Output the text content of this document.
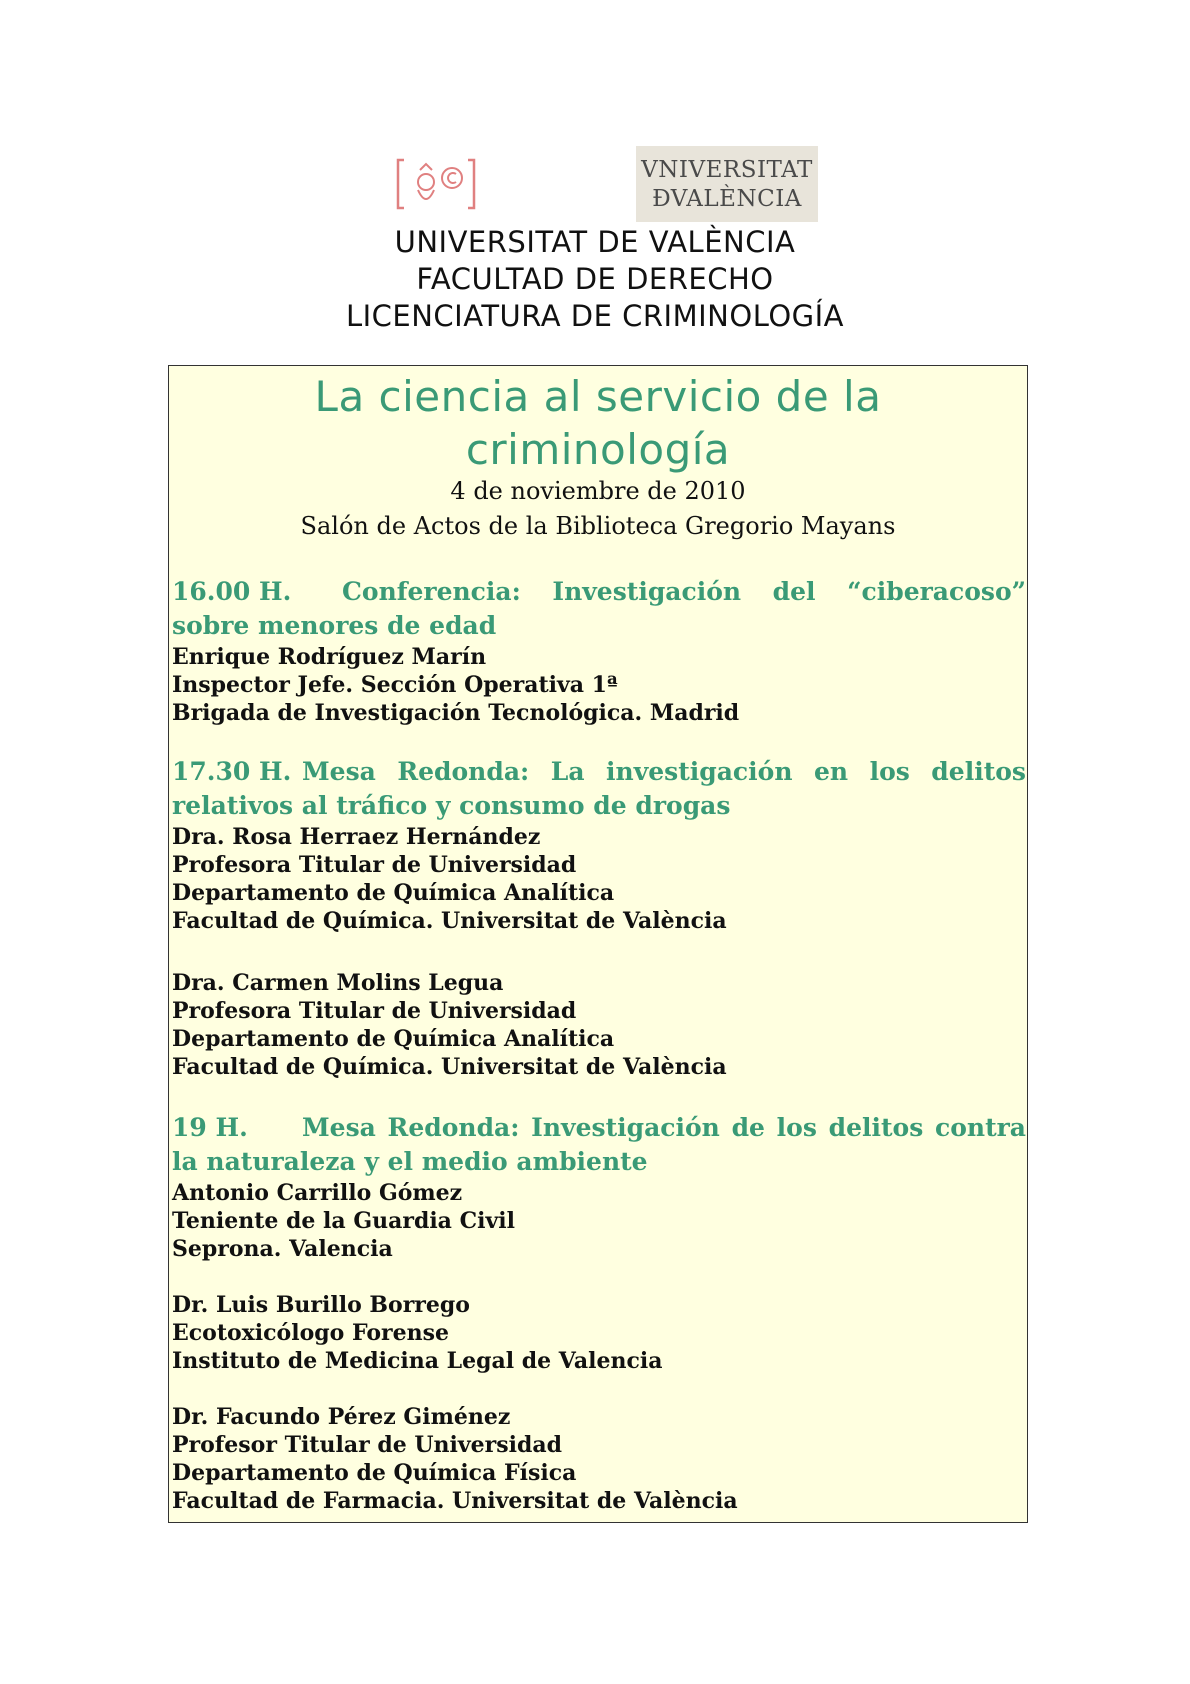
VNIVERSITAT
ÐVALÈNCIA
UNIVERSITAT DE VALÈNCIA
FACULTAD DE DERECHO
LICENCIATURA DE CRIMINOLOGÍA
La ciencia al servicio de la
criminología
4 de noviembre de 2010
Salón de Actos de la Biblioteca Gregorio Mayans
16.00 H. Conferencia: Investigación del “ciberacoso” sobre menores de edad
Enrique Rodríguez Marín
Inspector Jefe. Sección Operativa 1ª
Brigada de Investigación Tecnológica. Madrid
17.30 H. Mesa Redonda: La investigación en los delitos relativos al tráfico y consumo de drogas
Dra. Rosa Herraez Hernández
Profesora Titular de Universidad
Departamento de Química Analítica
Facultad de Química. Universitat de València
Dra. Carmen Molins Legua
Profesora Titular de Universidad
Departamento de Química Analítica
Facultad de Química. Universitat de València
19 H. Mesa Redonda: Investigación de los delitos contra la naturaleza y el medio ambiente
Antonio Carrillo Gómez
Teniente de la Guardia Civil
Seprona. Valencia
Dr. Luis Burillo Borrego
Ecotoxicólogo Forense
Instituto de Medicina Legal de Valencia
Dr. Facundo Pérez Giménez
Profesor Titular de Universidad
Departamento de Química Física
Facultad de Farmacia. Universitat de València
